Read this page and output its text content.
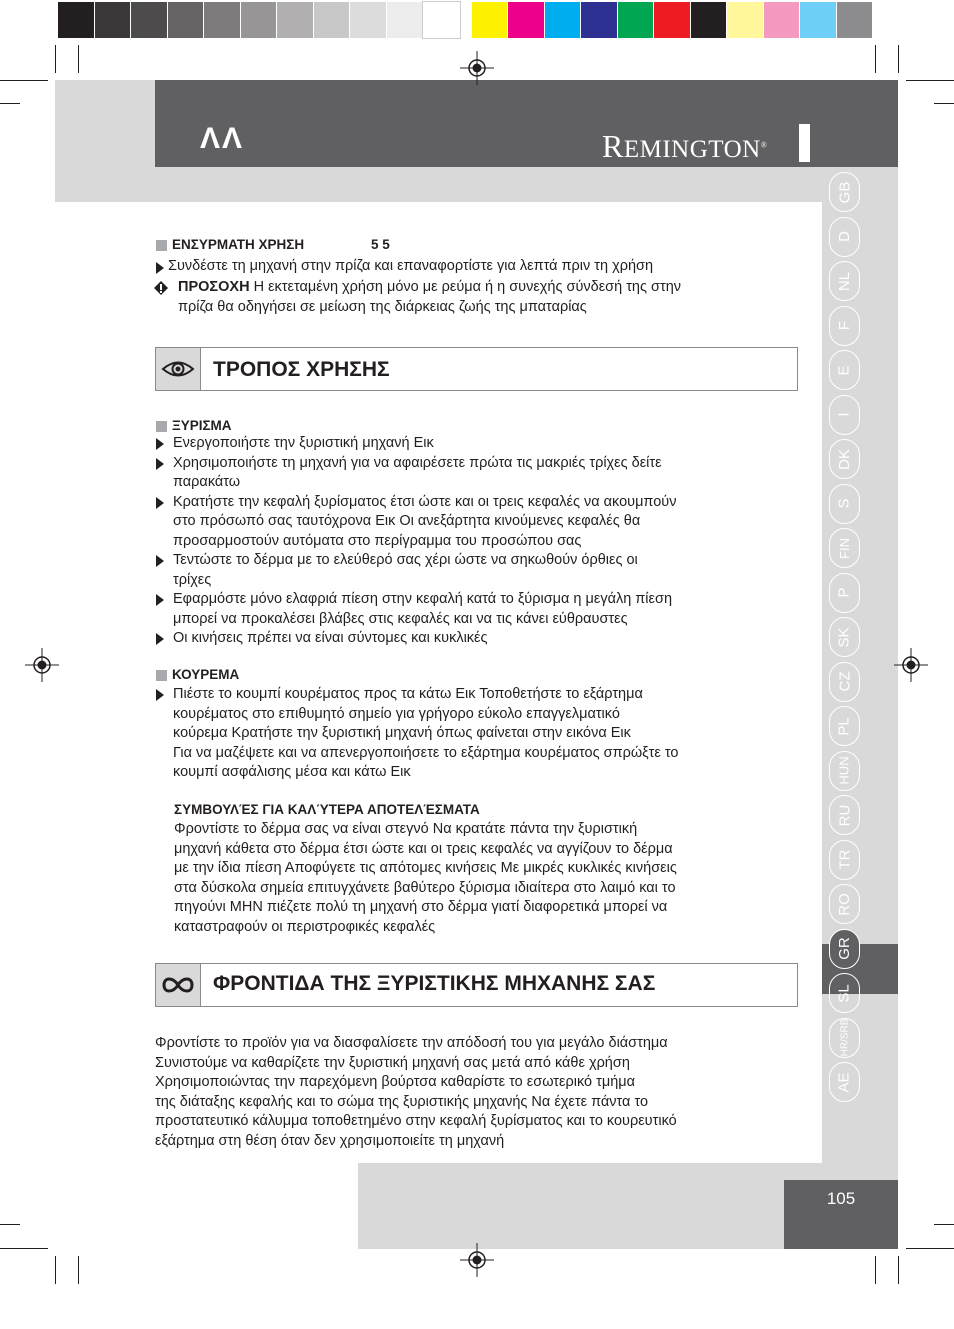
ΛΛ	REMINGTON®
GB
D
NL
F
E
I
DK
S
FIN
P
SK
CZ
PL
HUN
RU
TR
RO
GR
SL
HR/SRB
AE
105
ΕΝΣΥΡΜΑΤΗ ΧΡΗΣΗ	5 5
Συνδέστε τη μηχανή στην πρίζα και επαναφορτίστε για λεπτά πριν τη χρήση
ΠΡΟΣΟΧΗ Η εκτεταμένη χρήση μόνο με ρεύμα ή η συνεχής σύνδεσή της στην
πρίζα θα οδηγήσει σε μείωση της διάρκειας ζωής της μπαταρίας
ΤΡΟΠΟΣ ΧΡΗΣΗΣ
ΞΥΡΙΣΜΑ
Ενεργοποιήστε την ξυριστική μηχανή Εικ
Χρησιμοποιήστε τη μηχανή για να αφαιρέσετε πρώτα τις μακριές τρίχες δείτε
παρακάτω
Κρατήστε την κεφαλή ξυρίσματος έτσι ώστε και οι τρεις κεφαλές να ακουμπούν
στο πρόσωπό σας ταυτόχρονα Εικ Οι ανεξάρτητα κινούμενες κεφαλές θα
προσαρμοστούν αυτόματα στο περίγραμμα του προσώπου σας
Τεντώστε το δέρμα με το ελεύθερό σας χέρι ώστε να σηκωθούν όρθιες οι
τρίχες
Εφαρμόστε μόνο ελαφριά πίεση στην κεφαλή κατά το ξύρισμα η μεγάλη πίεση
μπορεί να προκαλέσει βλάβες στις κεφαλές και να τις κάνει εύθραυστες
Οι κινήσεις πρέπει να είναι σύντομες και κυκλικές
ΚΟΥΡΕΜΑ
Πιέστε το κουμπί κουρέματος προς τα κάτω Εικ Τοποθετήστε το εξάρτημα
κουρέματος στο επιθυμητό σημείο για γρήγορο εύκολο επαγγελματικό
κούρεμα Κρατήστε την ξυριστική μηχανή όπως φαίνεται στην εικόνα Εικ
Για να μαζέψετε και να απενεργοποιήσετε το εξάρτημα κουρέματος σπρώξτε το
κουμπί ασφάλισης μέσα και κάτω Εικ
ΣΥΜΒΟΥΛΈΣ ΓΙΑ ΚΑΛΎΤΕΡΑ ΑΠΟΤΕΛΈΣΜΑΤΑ
Φροντίστε το δέρμα σας να είναι στεγνό Να κρατάτε πάντα την ξυριστική
μηχανή κάθετα στο δέρμα έτσι ώστε και οι τρεις κεφαλές να αγγίζουν το δέρμα
με την ίδια πίεση Αποφύγετε τις απότομες κινήσεις Με μικρές κυκλικές κινήσεις
στα δύσκολα σημεία επιτυγχάνετε βαθύτερο ξύρισμα ιδιαίτερα στο λαιμό και το
πηγούνι ΜΗΝ πιέζετε πολύ τη μηχανή στο δέρμα γιατί διαφορετικά μπορεί να
καταστραφούν οι περιστροφικές κεφαλές
ΦΡΟΝΤΙΔΑ ΤΗΣ ΞΥΡΙΣΤΙΚΗΣ ΜΗΧΑΝΗΣ ΣΑΣ
Φροντίστε το προϊόν για να διασφαλίσετε την απόδοσή του για μεγάλο διάστημα
Συνιστούμε να καθαρίζετε την ξυριστική μηχανή σας μετά από κάθε χρήση
Χρησιμοποιώντας την παρεχόμενη βούρτσα καθαρίστε το εσωτερικό τμήμα
της διάταξης κεφαλής και το σώμα της ξυριστικής μηχανής Να έχετε πάντα το
προστατευτικό κάλυμμα τοποθετημένο στην κεφαλή ξυρίσματος και το κουρευτικό
εξάρτημα στη θέση όταν δεν χρησιμοποιείτε τη μηχανή
